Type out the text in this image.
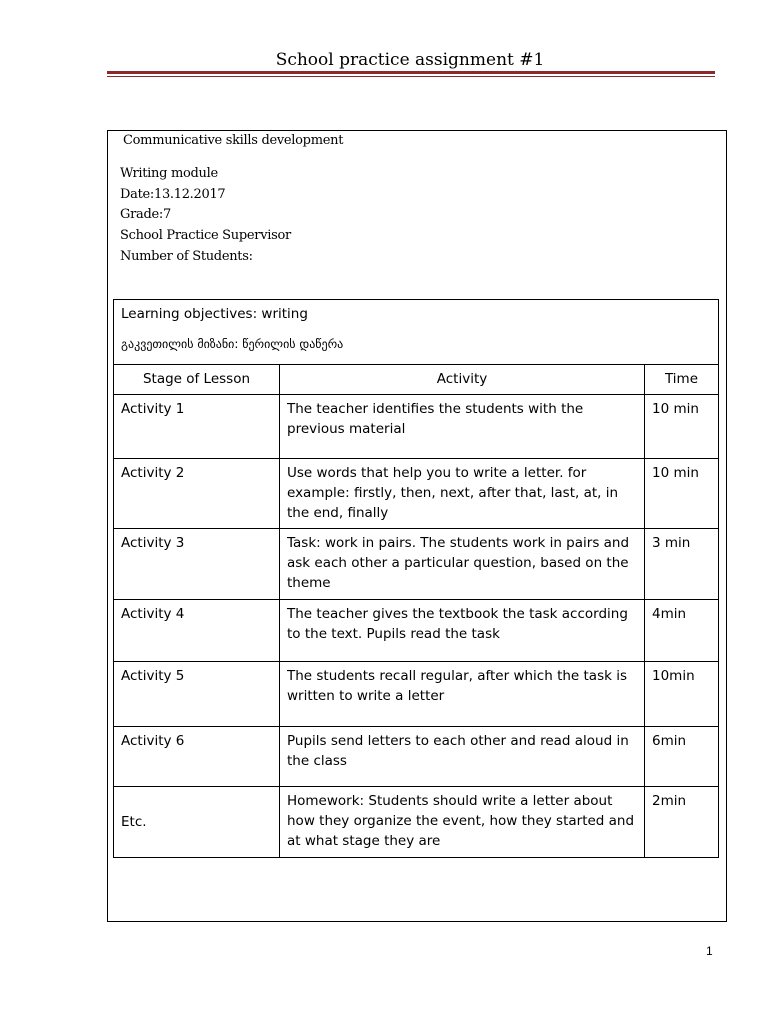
School practice assignment #1
Communicative skills development
Writing module
Date:13.12.2017
Grade:7
School Practice Supervisor
Number of Students:
Learning objectives: writing
გაკვეთილის მიზანი: წერილის დაწერა		

Stage of Lesson	Activity	Time
Activity 1	The teacher identifies the students with the previous material	10 min
Activity 2	Use words that help you to write a letter. for example: firstly, then, next, after that, last, at, in the end, finally	10 min
Activity 3	Task: work in pairs. The students work in pairs and ask each other a particular question, based on the theme	3 min
Activity 4	The teacher gives the textbook the task according to the text. Pupils read the task	4min
Activity 5	The students recall regular, after which the task is written to write a letter	10min
Activity 6	Pupils send letters to each other and read aloud in the class	6min
Etc.	Homework: Students should write a letter about how they organize the event, how they started and at what stage they are	2min
1
